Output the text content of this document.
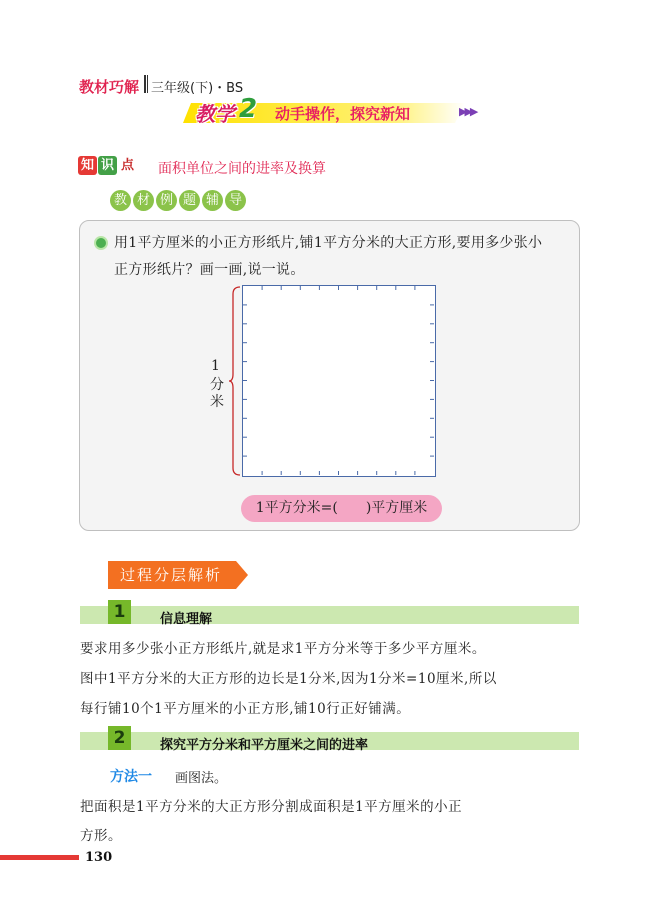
教材巧解 三年级(下)・BS
教学 2 动手操作，探究新知	▶▶▶
知 识 点 面积单位之间的进率及换算
教 材 例 题 辅 导
用1平方厘米的小正方形纸片,铺1平方分米的大正方形,要用多少张小
正方形纸片？画一画,说一说。
1
分
米
1平方分米=(　　)平方厘米
过程分层解析
1	信息理解
要求用多少张小正方形纸片,就是求1平方分米等于多少平方厘米。
图中1平方分米的大正方形的边长是1分米,因为1分米=10厘米,所以
每行铺10个1平方厘米的小正方形,铺10行正好铺满。
2	探究平方分米和平方厘米之间的进率
方法一 画图法。
把面积是1平方分米的大正方形分割成面积是1平方厘米的小正
方形。
130
